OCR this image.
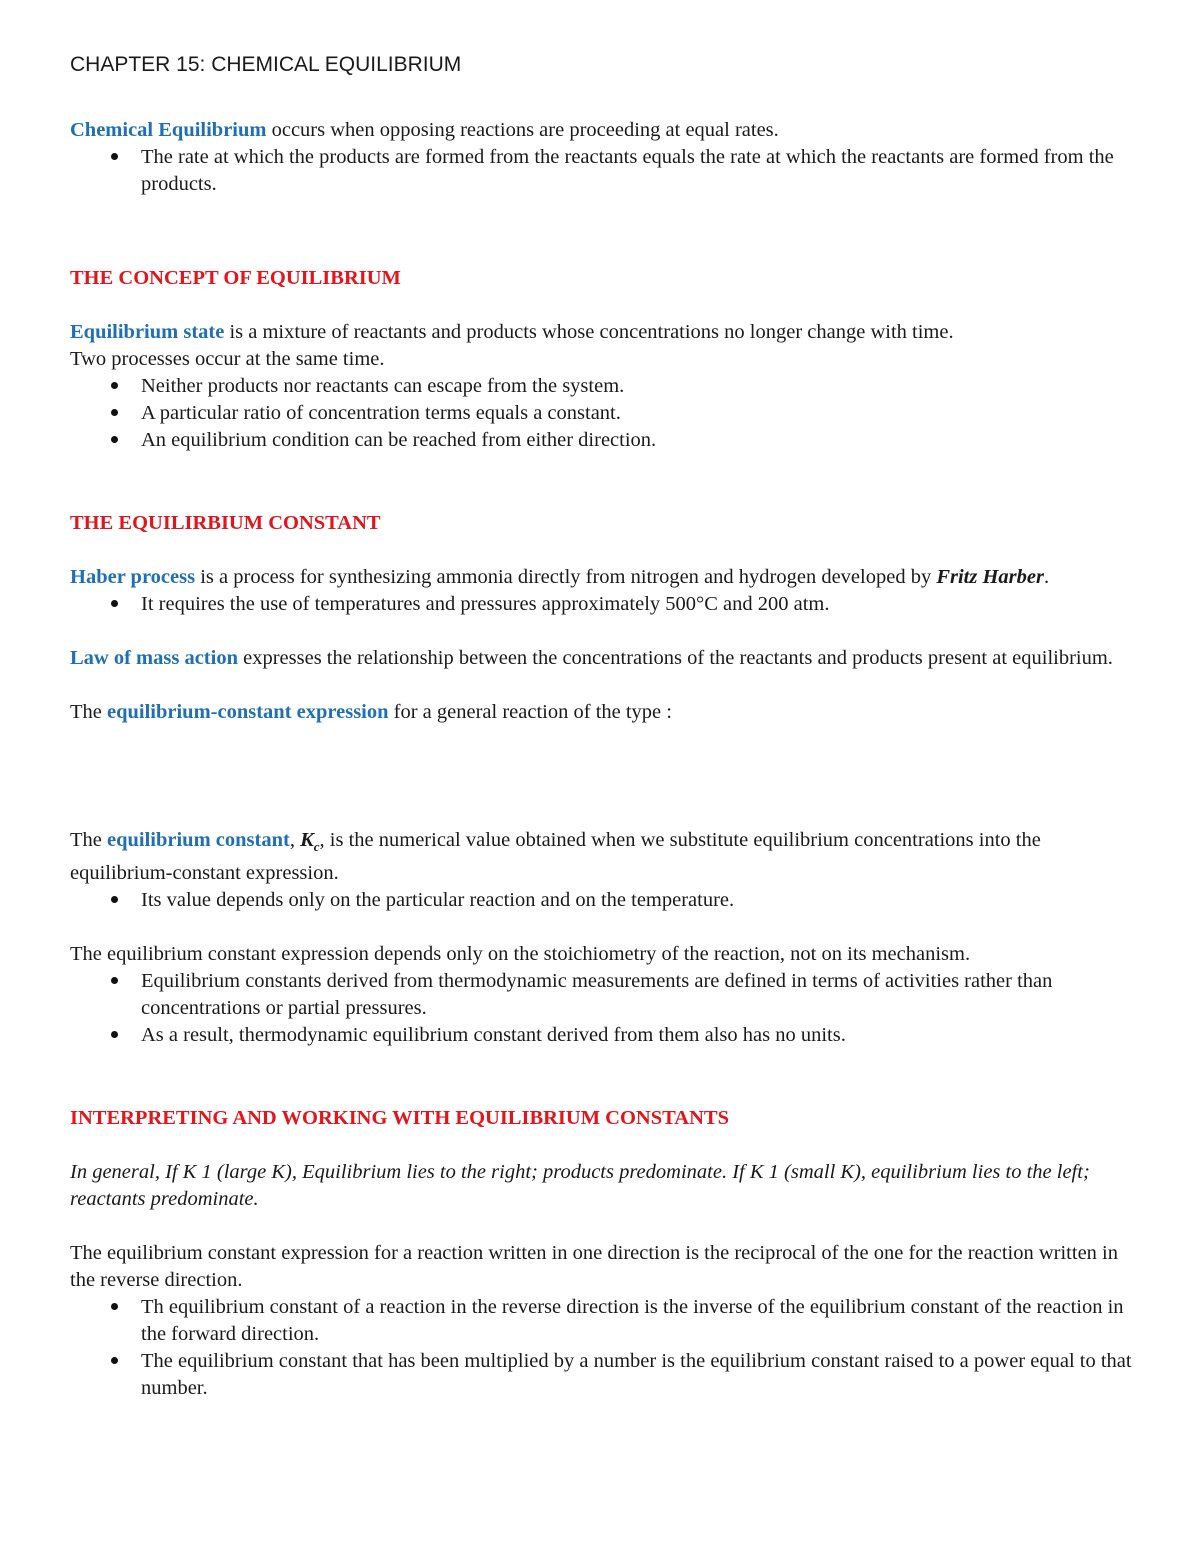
CHAPTER 15: CHEMICAL EQUILIBRIUM

Chemical Equilibrium occurs when opposing reactions are proceeding at equal rates.

The rate at which the products are formed from the reactants equals the rate at which the reactants are formed from the products.

THE CONCEPT OF EQUILIBRIUM

Equilibrium state is a mixture of reactants and products whose concentrations no longer change with time.

Two processes occur at the same time.

Neither products nor reactants can escape from the system.
A particular ratio of concentration terms equals a constant.
An equilibrium condition can be reached from either direction.

THE EQUILIRBIUM CONSTANT

Haber process is a process for synthesizing ammonia directly from nitrogen and hydrogen developed by Fritz Harber.

It requires the use of temperatures and pressures approximately 500°C and 200 atm.

Law of mass action expresses the relationship between the concentrations of the reactants and products present at equilibrium.

The equilibrium-constant expression for a general reaction of the type :

The equilibrium constant, $K_c$, is the numerical value obtained when we substitute equilibrium concentrations into the equilibrium-constant expression.

Its value depends only on the particular reaction and on the temperature.

The equilibrium constant expression depends only on the stoichiometry of the reaction, not on its mechanism.

Equilibrium constants derived from thermodynamic measurements are defined in terms of activities rather than concentrations or partial pressures.
As a result, thermodynamic equilibrium constant derived from them also has no units.

INTERPRETING AND WORKING WITH EQUILIBRIUM CONSTANTS

In general, If K 1 (large K), Equilibrium lies to the right; products predominate. If K 1 (small K), equilibrium lies to the left; reactants predominate.

The equilibrium constant expression for a reaction written in one direction is the reciprocal of the one for the reaction written in the reverse direction.

Th equilibrium constant of a reaction in the reverse direction is the inverse of the equilibrium constant of the reaction in the forward direction.
The equilibrium constant that has been multiplied by a number is the equilibrium constant raised to a power equal to that number.
